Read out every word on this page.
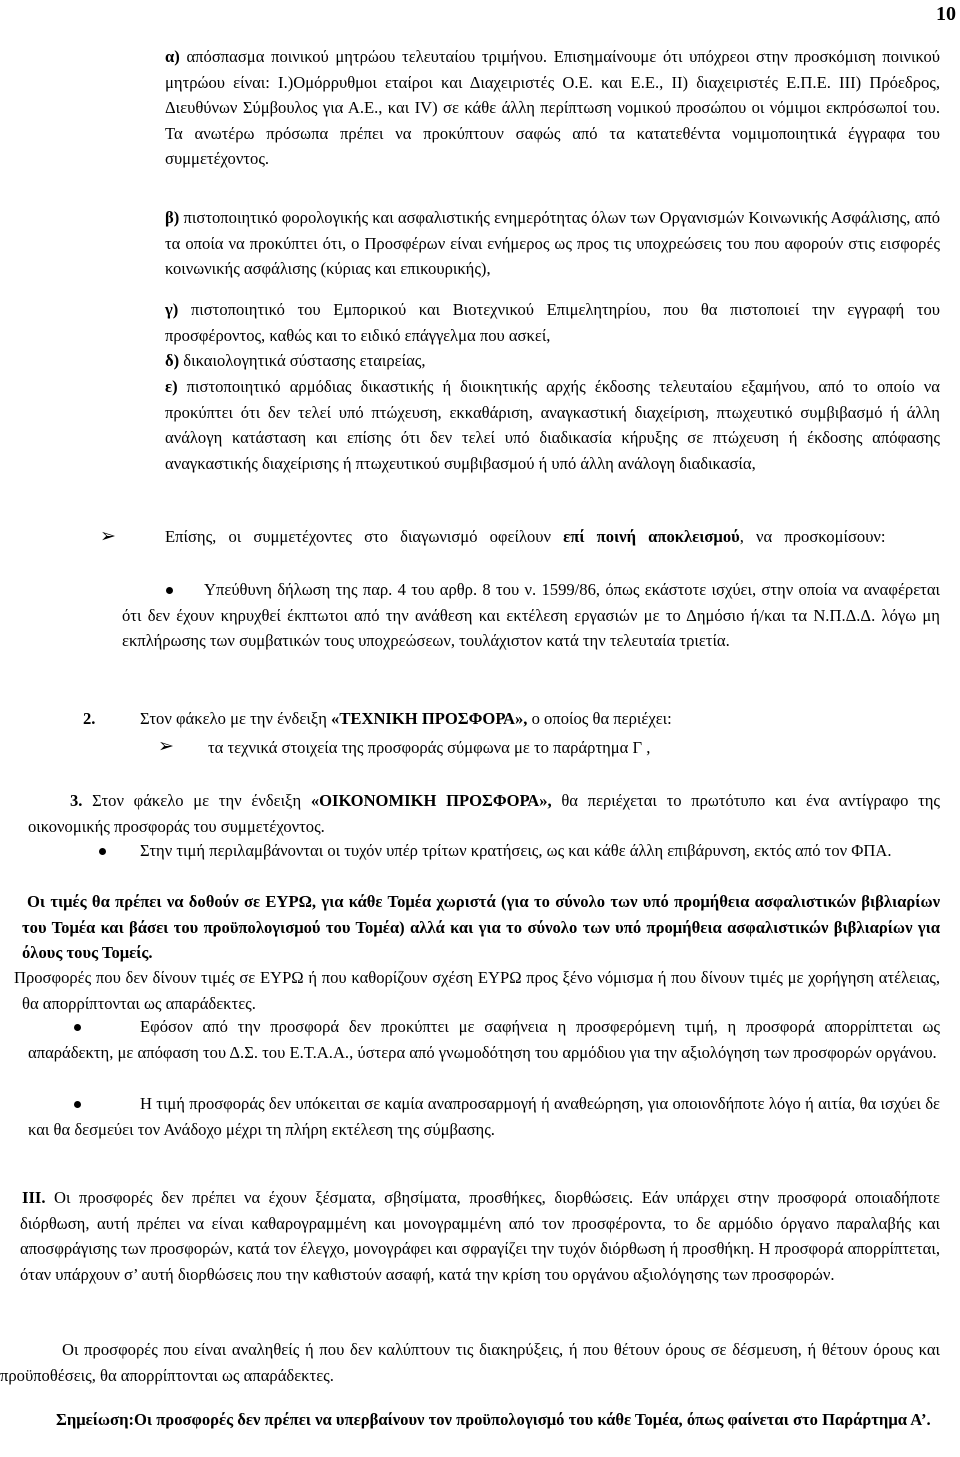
10

α) απόσπασμα ποινικού μητρώου τελευταίου τριμήνου. Επισημαίνουμε ότι υπόχρεοι στην προσκόμιση ποινικού μητρώου είναι: Ι.)Ομόρρυθμοι εταίροι και Διαχειριστές Ο.Ε. και Ε.Ε., ΙΙ) διαχειριστές Ε.Π.Ε. ΙΙΙ) Πρόεδρος, Διευθύνων Σύμβουλος για Α.Ε., και IV) σε κάθε άλλη περίπτωση νομικού προσώπου οι νόμιμοι εκπρόσωποί του. Τα ανωτέρω πρόσωπα πρέπει να προκύπτουν σαφώς από τα κατατεθέντα νομιμοποιητικά έγγραφα του συμμετέχοντος.

β) πιστοποιητικό φορολογικής και ασφαλιστικής ενημερότητας όλων των Οργανισμών Κοινωνικής Ασφάλισης, από τα οποία να προκύπτει ότι, ο Προσφέρων είναι ενήμερος ως προς τις υποχρεώσεις του που αφορούν στις εισφορές κοινωνικής ασφάλισης (κύριας και επικουρικής),

γ) πιστοποιητικό του Εμπορικού και Βιοτεχνικού Επιμελητηρίου, που θα πιστοποιεί την εγγραφή του προσφέροντος, καθώς και το ειδικό επάγγελμα που ασκεί,

δ) δικαιολογητικά σύστασης εταιρείας,

ε) πιστοποιητικό αρμόδιας δικαστικής ή διοικητικής αρχής έκδοσης τελευταίου εξαμήνου, από το οποίο να προκύπτει ότι δεν τελεί υπό πτώχευση, εκκαθάριση, αναγκαστική διαχείριση, πτωχευτικό συμβιβασμό ή άλλη ανάλογη κατάσταση και επίσης ότι δεν τελεί υπό διαδικασία κήρυξης σε πτώχευση ή έκδοσης απόφασης αναγκαστικής διαχείρισης ή πτωχευτικού συμβιβασμού ή υπό άλλη ανάλογη διαδικασία,

➢	Επίσης, οι συμμετέχοντες στο διαγωνισμό οφείλουν επί ποινή αποκλεισμού, να προσκομίσουν:

Υπεύθυνη δήλωση της παρ. 4 του αρθρ. 8 του ν. 1599/86, όπως εκάστοτε ισχύει, στην οποία να αναφέρεται ότι δεν έχουν κηρυχθεί έκπτωτοι από την ανάθεση και εκτέλεση εργασιών με το Δημόσιο ή/και τα Ν.Π.Δ.Δ. λόγω μη εκπλήρωσης των συμβατικών τους υποχρεώσεων, τουλάχιστον κατά την τελευταία τριετία.

2.	Στον φάκελο με την ένδειξη «ΤΕΧΝΙΚΗ ΠΡΟΣΦΟΡΑ», ο οποίος θα περιέχει:

➢ τα τεχνικά στοιχεία της προσφοράς σύμφωνα με το παράρτημα Γ ,

3. Στον φάκελο με την ένδειξη «ΟΙΚΟΝΟΜΙΚΗ ΠΡΟΣΦΟΡΑ», θα περιέχεται το πρωτότυπο και ένα αντίγραφο της οικονομικής προσφοράς του συμμετέχοντος.

Στην τιμή περιλαμβάνονται οι τυχόν υπέρ τρίτων κρατήσεις, ως και κάθε άλλη επιβάρυνση, εκτός από τον ΦΠΑ.

Οι τιμές θα πρέπει να δοθούν σε ΕΥΡΩ, για κάθε Τομέα χωριστά (για το σύνολο των υπό προμήθεια ασφαλιστικών βιβλιαρίων του Τομέα και βάσει του προϋπολογισμού του Τομέα) αλλά και για το σύνολο των υπό προμήθεια ασφαλιστικών βιβλιαρίων για όλους τους Τομείς.

Προσφορές που δεν δίνουν τιμές σε ΕΥΡΩ ή που καθορίζουν σχέση ΕΥΡΩ προς ξένο νόμισμα ή που δίνουν τιμές με χορήγηση ατέλειας, θα απορρίπτονται ως απαράδεκτες.

Εφόσον από την προσφορά δεν προκύπτει με σαφήνεια η προσφερόμενη τιμή, η προσφορά απορρίπτεται ως απαράδεκτη, με απόφαση του Δ.Σ. του Ε.Τ.Α.Α., ύστερα από γνωμοδότηση του αρμόδιου για την αξιολόγηση των προσφορών οργάνου.

Η τιμή προσφοράς δεν υπόκειται σε καμία αναπροσαρμογή ή αναθεώρηση, για οποιονδήποτε λόγο ή αιτία, θα ισχύει δε και θα δεσμεύει τον Ανάδοχο μέχρι τη πλήρη εκτέλεση της σύμβασης.

ΙΙΙ. Οι προσφορές δεν πρέπει να έχουν ξέσματα, σβησίματα, προσθήκες, διορθώσεις. Εάν υπάρχει στην προσφορά οποιαδήποτε διόρθωση, αυτή πρέπει να είναι καθαρογραμμένη και μονογραμμένη από τον προσφέροντα, το δε αρμόδιο όργανο παραλαβής και αποσφράγισης των προσφορών, κατά τον έλεγχο, μονογράφει και σφραγίζει την τυχόν διόρθωση ή προσθήκη. Η προσφορά απορρίπτεται, όταν υπάρχουν σ’ αυτή διορθώσεις που την καθιστούν ασαφή, κατά την κρίση του οργάνου αξιολόγησης των προσφορών.

Οι προσφορές που είναι αναληθείς ή που δεν καλύπτουν τις διακηρύξεις, ή που θέτουν όρους σε δέσμευση, ή θέτουν όρους και προϋποθέσεις, θα απορρίπτονται ως απαράδεκτες.

Σημείωση:Οι προσφορές δεν πρέπει να υπερβαίνουν τον προϋπολογισμό του κάθε Τομέα, όπως φαίνεται στο Παράρτημα Α’.
